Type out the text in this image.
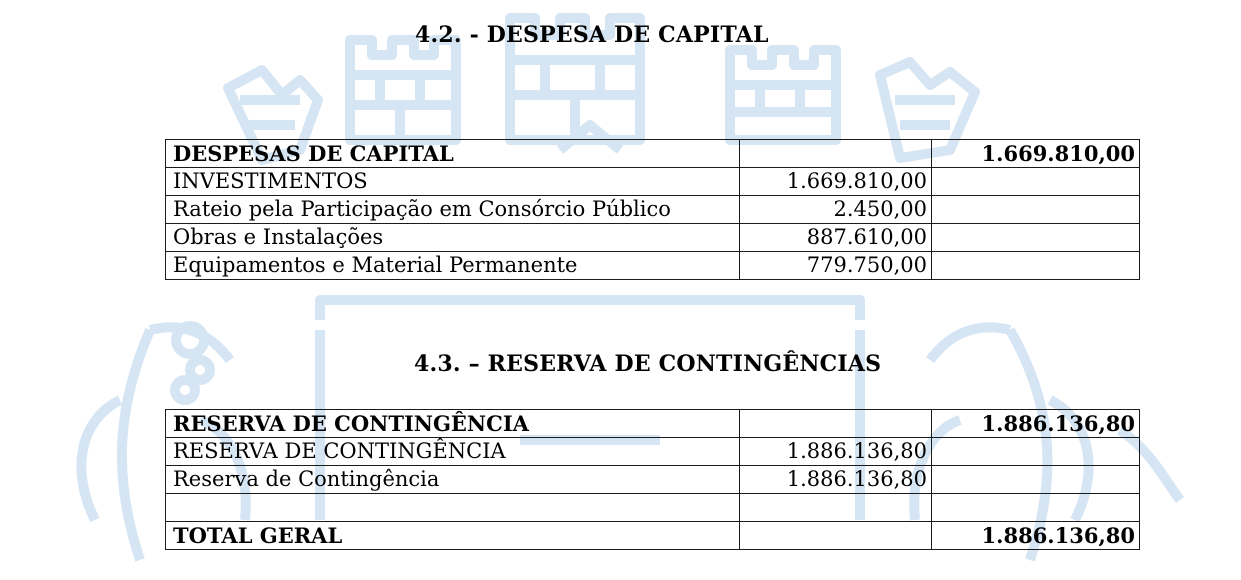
4.2. - DESPESA DE CAPITAL
DESPESAS DE CAPITAL		1.669.810,00
INVESTIMENTOS	1.669.810,00	
Rateio pela Participação em Consórcio Público	2.450,00	
Obras e Instalações	887.610,00	
Equipamentos e Material Permanente	779.750,00	
4.3. – RESERVA DE CONTINGÊNCIAS
RESERVA DE CONTINGÊNCIA		1.886.136,80
RESERVA DE CONTINGÊNCIA	1.886.136,80	
Reserva de Contingência	1.886.136,80	

TOTAL GERAL		1.886.136,80
